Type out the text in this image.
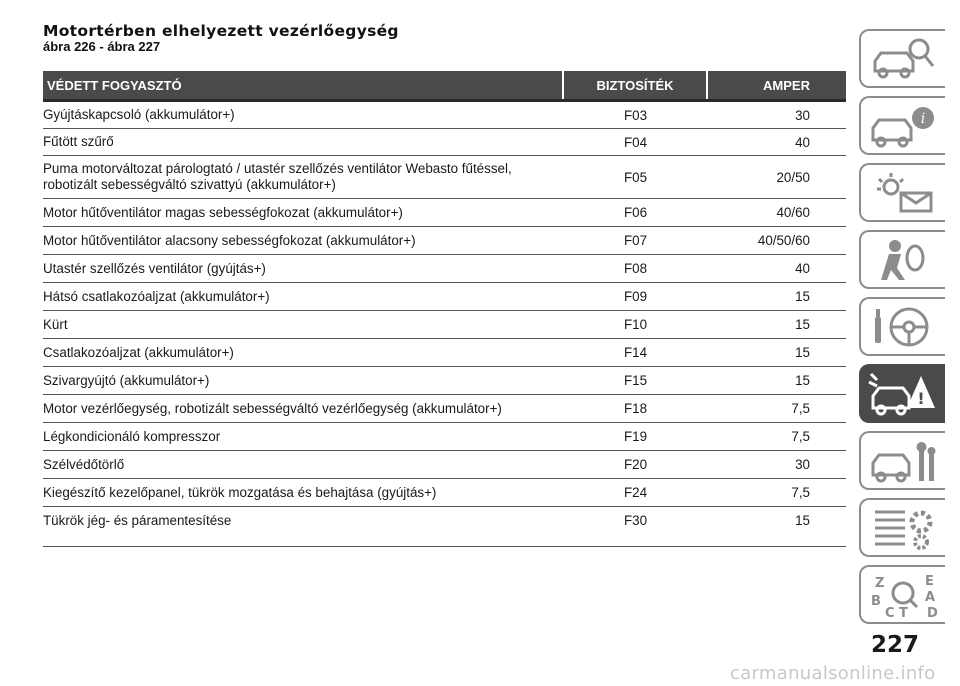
Motortérben elhelyezett vezérlőegység
ábra 226 - ábra 227
VÉDETT FOGYASZTÓ	BIZTOSÍTÉK	AMPER
Gyújtáskapcsoló (akkumulátor+)	F03	30
Fűtött szűrő	F04	40
Puma motorváltozat párologtató / utastér szellőzés ventilátor Webasto fűtéssel, robotizált sebességváltó szivattyú (akkumulátor+)	F05	20/50
Motor hűtőventilátor magas sebességfokozat (akkumulátor+)	F06	40/60
Motor hűtőventilátor alacsony sebességfokozat (akkumulátor+)	F07	40/50/60
Utastér szellőzés ventilátor (gyújtás+)	F08	40
Hátsó csatlakozóaljzat (akkumulátor+)	F09	15
Kürt	F10	15
Csatlakozóaljzat (akkumulátor+)	F14	15
Szivargyújtó (akkumulátor+)	F15	15
Motor vezérlőegység, robotizált sebességváltó vezérlőegység (akkumulátor+)	F18	7,5
Légkondicionáló kompresszor	F19	7,5
Szélvédőtörlő	F20	30
Kiegészítő kezelőpanel, tükrök mozgatása és behajtása (gyújtás+)	F24	7,5
Tükrök jég- és páramentesítése	F30	15
i
!
Z	E
B	A
C T D
227
carmanualsonline.info
